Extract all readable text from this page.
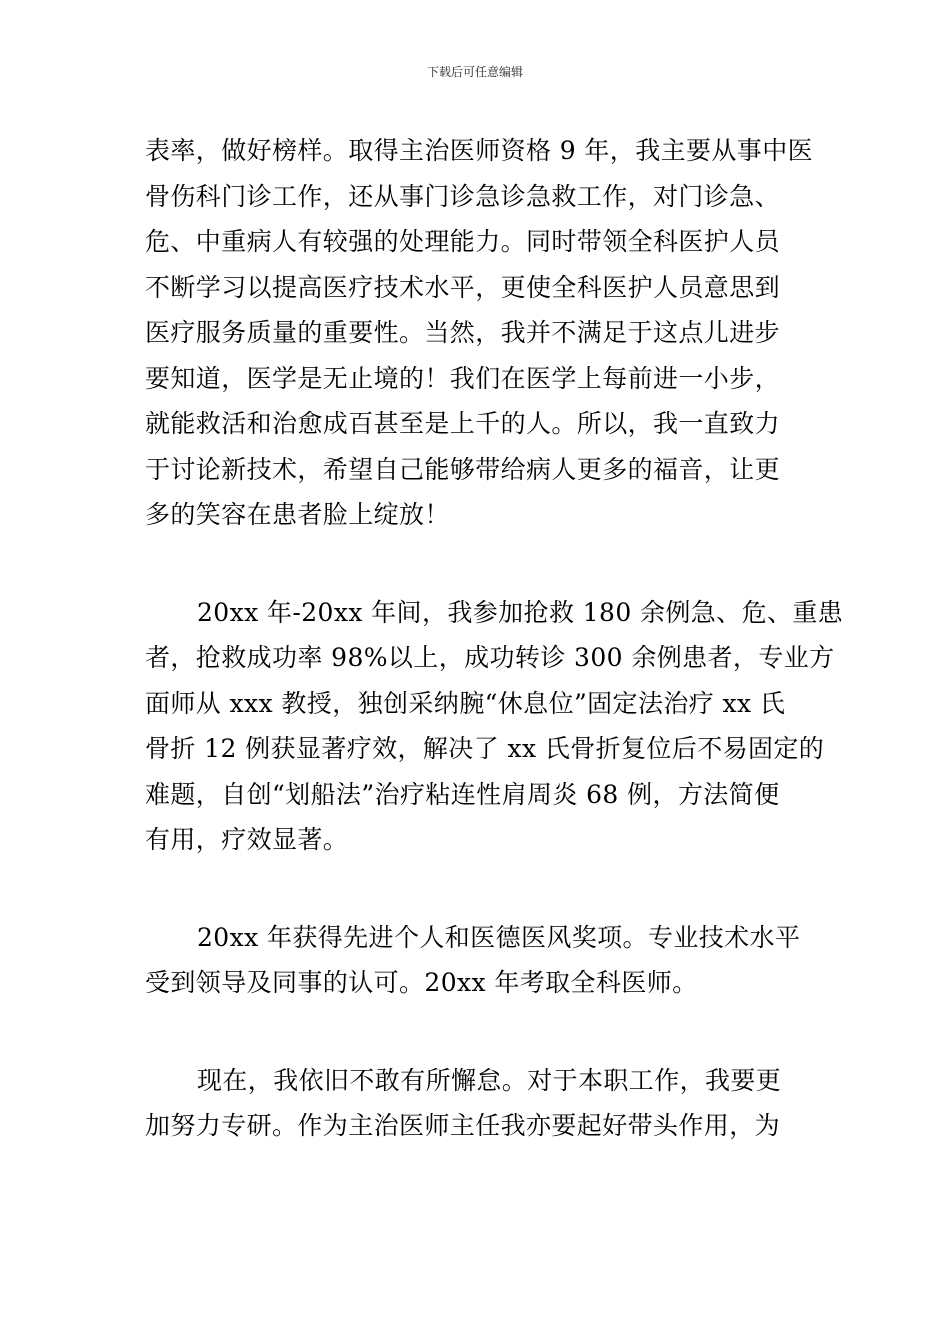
下载后可任意编辑
表率，做好榜样。取得主治医师资格 9 年，我主要从事中医
骨伤科门诊工作，还从事门诊急诊急救工作，对门诊急、
危、中重病人有较强的处理能力。同时带领全科医护人员
不断学习以提高医疗技术水平，更使全科医护人员意思到
医疗服务质量的重要性。当然，我并不满足于这点儿进步
要知道，医学是无止境的！我们在医学上每前进一小步，
就能救活和治愈成百甚至是上千的人。所以，我一直致力
于讨论新技术，希望自己能够带给病人更多的福音，让更
多的笑容在患者脸上绽放！
20xx 年-20xx 年间，我参加抢救 180 余例急、危、重患
者，抢救成功率 98%以上，成功转诊 300 余例患者，专业方
面师从 xxx 教授，独创采纳腕“休息位”固定法治疗 xx 氏
骨折 12 例获显著疗效，解决了 xx 氏骨折复位后不易固定的
难题，自创“划船法”治疗粘连性肩周炎 68 例，方法简便
有用，疗效显著。
20xx 年获得先进个人和医德医风奖项。专业技术水平
受到领导及同事的认可。20xx 年考取全科医师。
现在，我依旧不敢有所懈怠。对于本职工作，我要更
加努力专研。作为主治医师主任我亦要起好带头作用，为
